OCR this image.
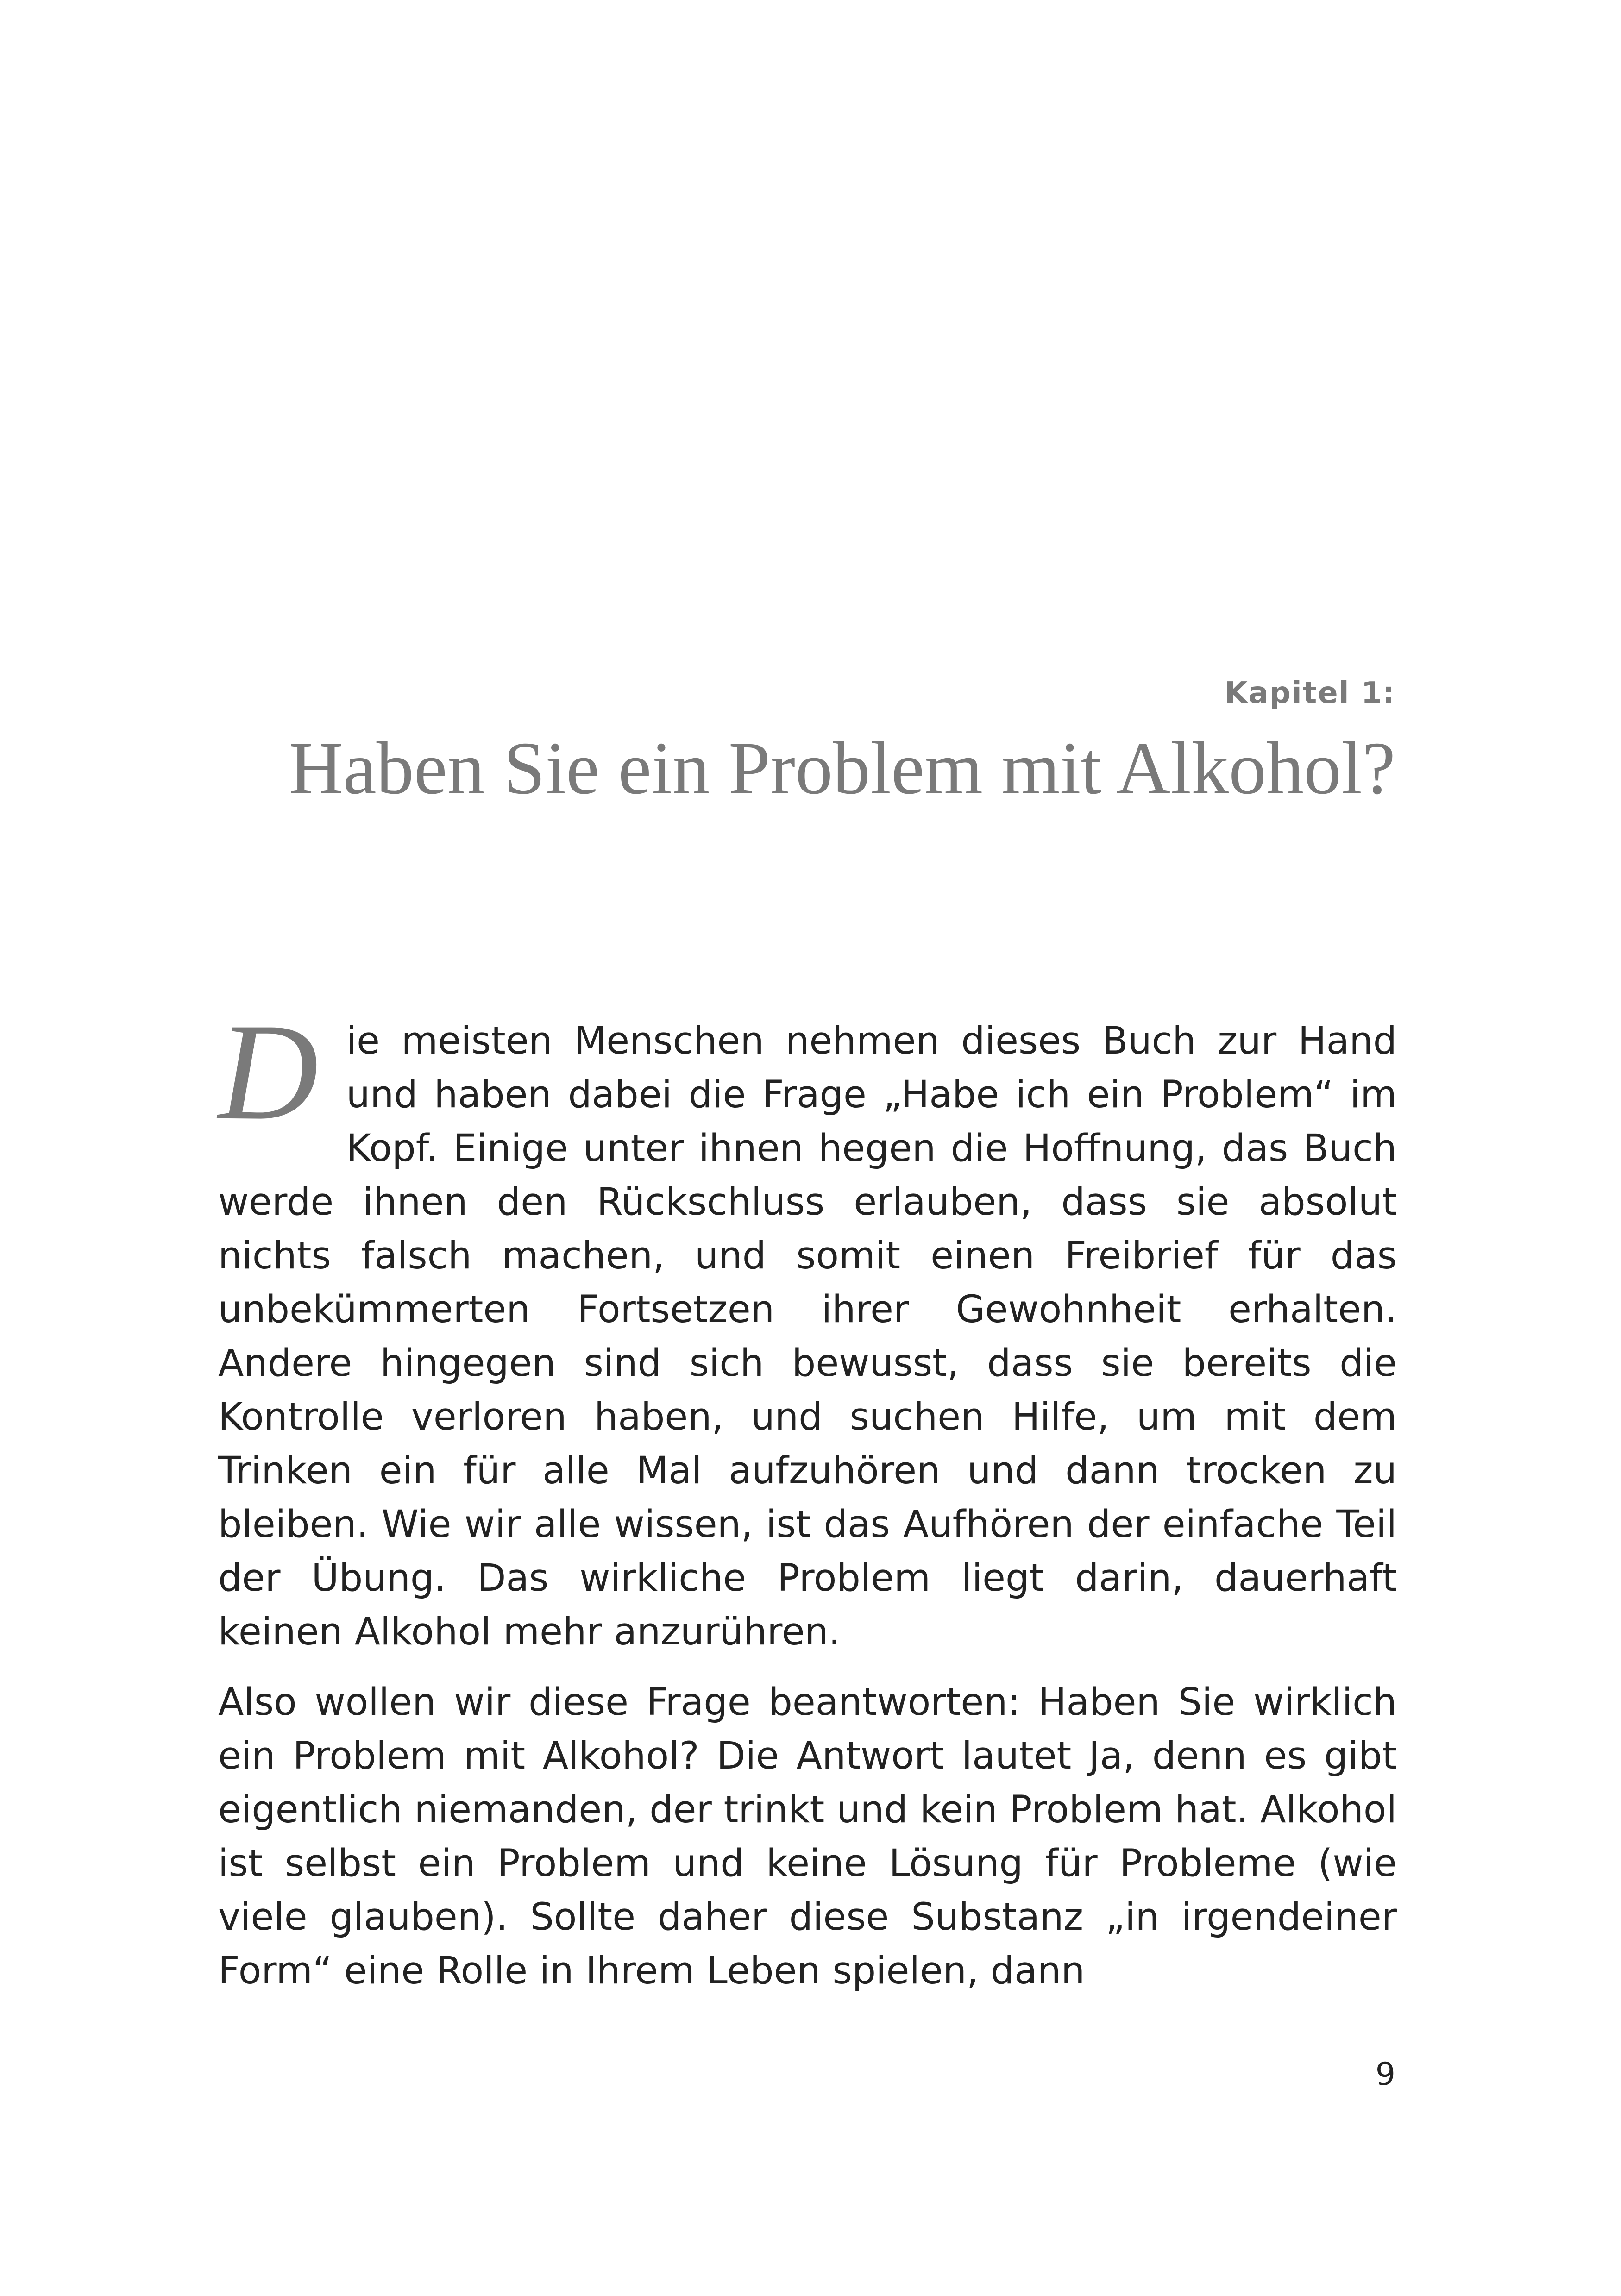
Kapitel 1:
Haben Sie ein Problem mit Alkohol?

Die meisten Menschen nehmen dieses Buch zur Hand und haben dabei die Frage „Habe ich ein Problem“ im Kopf. Einige unter ihnen hegen die Hoffnung, das Buch werde ihnen den Rückschluss erlauben, dass sie absolut nichts falsch machen, und somit einen Freibrief für das unbekümmerten Fortsetzen ihrer Gewohnheit erhalten. Andere hingegen sind sich bewusst, dass sie bereits die Kontrolle verloren haben, und suchen Hilfe, um mit dem Trinken ein für alle Mal aufzuhören und dann trocken zu bleiben. Wie wir alle wissen, ist das Aufhören der einfache Teil der Übung. Das wirkliche Problem liegt darin, dauerhaft keinen Alkohol mehr anzurühren.

Also wollen wir diese Frage beantworten: Haben Sie wirklich ein Problem mit Alkohol? Die Antwort lautet Ja, denn es gibt eigentlich niemanden, der trinkt und kein Problem hat. Alkohol ist selbst ein Problem und keine Lösung für Probleme (wie viele glauben). Sollte daher diese Substanz „in irgendeiner Form“ eine Rolle in Ihrem Leben spielen, dann

9
